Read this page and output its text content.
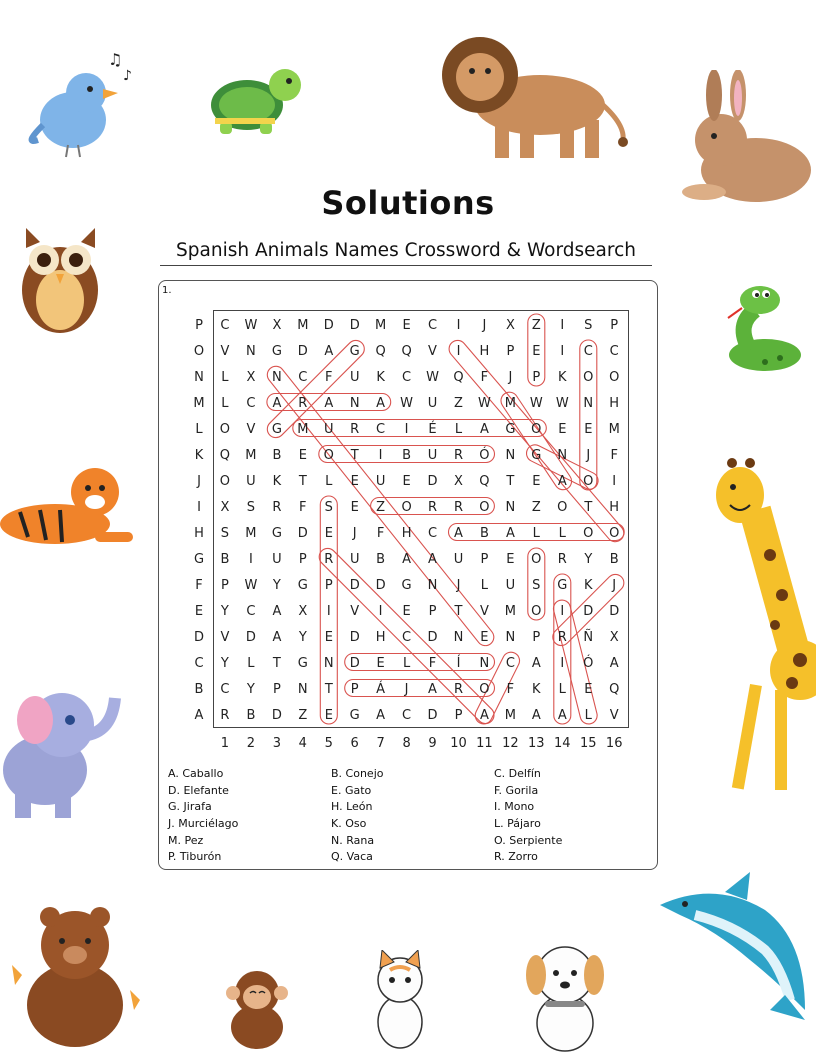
Solutions
Spanish Animals Names Crossword & Wordsearch
1.
P C W X M D D M E C I J X Z I S P
O V N G D A G Q Q V I H P E I C C
N L X N C F U K C W Q F J P K O O
M L C A R A N A W U Z W M W W N H
L O V G M U R C I É L A G O E E M
K Q M B E O T I B U R Ó N G N J F
J O U K T L E U E D X Q T E A O I
I X S R F S E Z O R R O N Z O T H
H S M G D E J F H C A B A L L O O
G B I U P R U B A A U P E O R Y B
F P W Y G P D D G N J L U S G K J
E Y C A X I V I E P T V M O I D D
D V D A Y E D H C D N E N P R Ñ X
C Y L T G N D E L F Í N C A I Ó A
B C Y P N T P Á J A R O F K L E Q
A R B D Z E G A C D P A M A A L V
1 2 3 4 5 6 7 8 9 10 11 12 13 14 15 16
A. Caballo	B. Conejo	C. Delfín
D. Elefante	E. Gato	F. Gorila
G. Jirafa	H. León	I. Mono
J. Murciélago	K. Oso	L. Pájaro
M. Pez	N. Rana	O. Serpiente
P. Tiburón	Q. Vaca	R. Zorro
♫
♪
